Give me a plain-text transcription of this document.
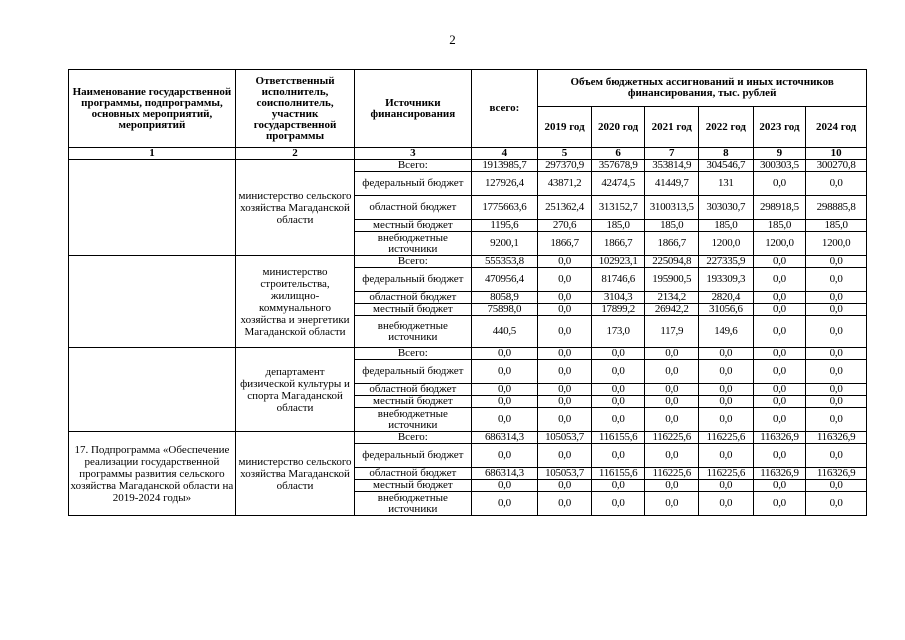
2
Наименование государственной программы, подпрограммы, основных мероприятий, мероприятий	Ответственный исполнитель, соисполнитель, участник государственной программы	Источники финансирования	всего:	Объем бюджетных ассигнований и иных источников финансирования, тыс. рублей					
				2019 год	2020 год	2021 год	2022 год	2023 год	2024 год
1	2	3	4	5	6	7	8	9	10
	министерство сельского хозяйства Магаданской области	Всего:	1913985,7	297370,9	357678,9	353814,9	304546,7	300303,5	300270,8
		федеральный бюджет	127926,4	43871,2	42474,5	41449,7	131	0,0	0,0
		областной бюджет	1775663,6	251362,4	313152,7	3100313,5	303030,7	298918,5	298885,8
		местный бюджет	1195,6	270,6	185,0	185,0	185,0	185,0	185,0
		внебюджетные источники	9200,1	1866,7	1866,7	1866,7	1200,0	1200,0	1200,0
	министерство строительства, жилищно-коммунального хозяйства и энергетики Магаданской области	Всего:	555353,8	0,0	102923,1	225094,8	227335,9	0,0	0,0
		федеральный бюджет	470956,4	0,0	81746,6	195900,5	193309,3	0,0	0,0
		областной бюджет	8058,9	0,0	3104,3	2134,2	2820,4	0,0	0,0
		местный бюджет	75898,0	0,0	17899,2	26942,2	31056,6	0,0	0,0
		внебюджетные источники	440,5	0,0	173,0	117,9	149,6	0,0	0,0
	департамент физической культуры и спорта Магаданской области	Всего:	0,0	0,0	0,0	0,0	0,0	0,0	0,0
		федеральный бюджет	0,0	0,0	0,0	0,0	0,0	0,0	0,0
		областной бюджет	0,0	0,0	0,0	0,0	0,0	0,0	0,0
		местный бюджет	0,0	0,0	0,0	0,0	0,0	0,0	0,0
		внебюджетные источники	0,0	0,0	0,0	0,0	0,0	0,0	0,0
17. Подпрограмма «Обеспечение реализации государственной программы развития сельского хозяйства Магаданской области на 2019-2024 годы»	министерство сельского хозяйства Магаданской области	Всего:	686314,3	105053,7	116155,6	116225,6	116225,6	116326,9	116326,9
		федеральный бюджет	0,0	0,0	0,0	0,0	0,0	0,0	0,0
		областной бюджет	686314,3	105053,7	116155,6	116225,6	116225,6	116326,9	116326,9
		местный бюджет	0,0	0,0	0,0	0,0	0,0	0,0	0,0
		внебюджетные источники	0,0	0,0	0,0	0,0	0,0	0,0	0,0
